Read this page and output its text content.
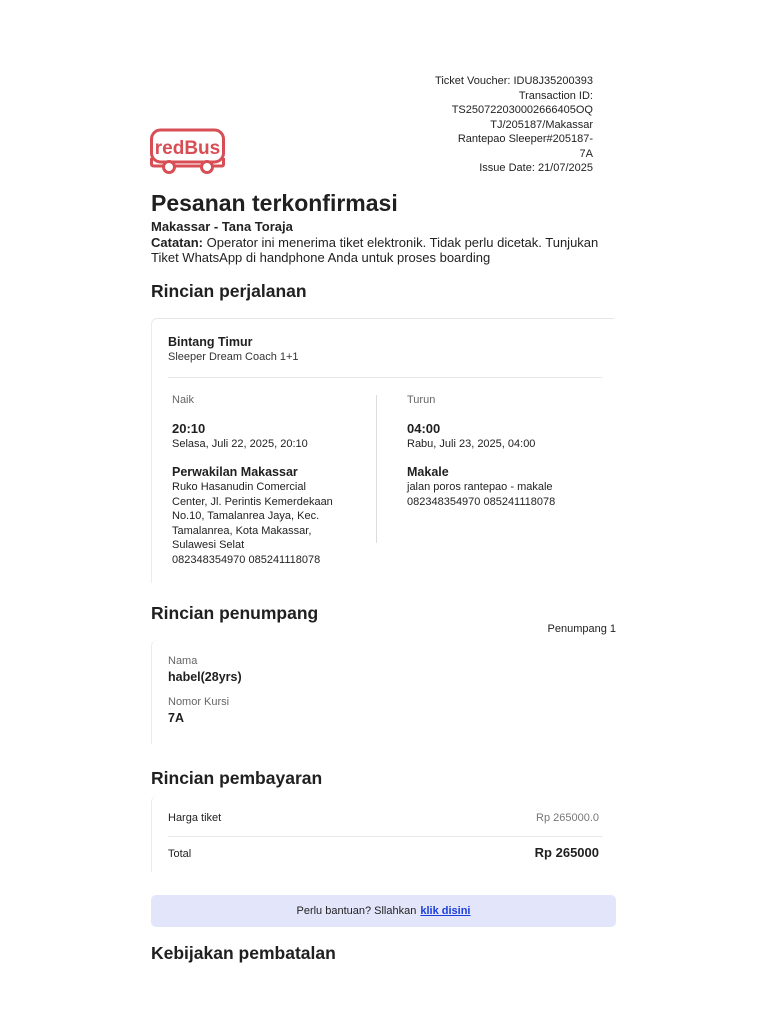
Ticket Voucher: IDU8J35200393
Transaction ID:
TS250722030002666405OQ
TJ/205187/Makassar
Rantepao Sleeper#205187-
7A
Issue Date: 21/07/2025
redBus
Pesanan terkonfirmasi
Makassar - Tana Toraja
Catatan: Operator ini menerima tiket elektronik. Tidak perlu dicetak. Tunjukan Tiket WhatsApp di handphone Anda untuk proses boarding
Rincian perjalanan
Bintang Timur
Sleeper Dream Coach 1+1
Naik
20:10
Selasa, Juli 22, 2025, 20:10
Perwakilan Makassar
Ruko Hasanudin Comercial
Center, Jl. Perintis Kemerdekaan
No.10, Tamalanrea Jaya, Kec.
Tamalanrea, Kota Makassar,
Sulawesi Selat
082348354970 085241118078
Turun
04:00
Rabu, Juli 23, 2025, 04:00
Makale
jalan poros rantepao - makale
082348354970 085241118078
Rincian penumpang
Penumpang 1
Nama
habel(28yrs)
Nomor Kursi
7A
Rincian pembayaran
Harga tiket	Rp 265000.0
Total	Rp 265000
Perlu bantuan? Sllahkan klik disini
Kebijakan pembatalan
